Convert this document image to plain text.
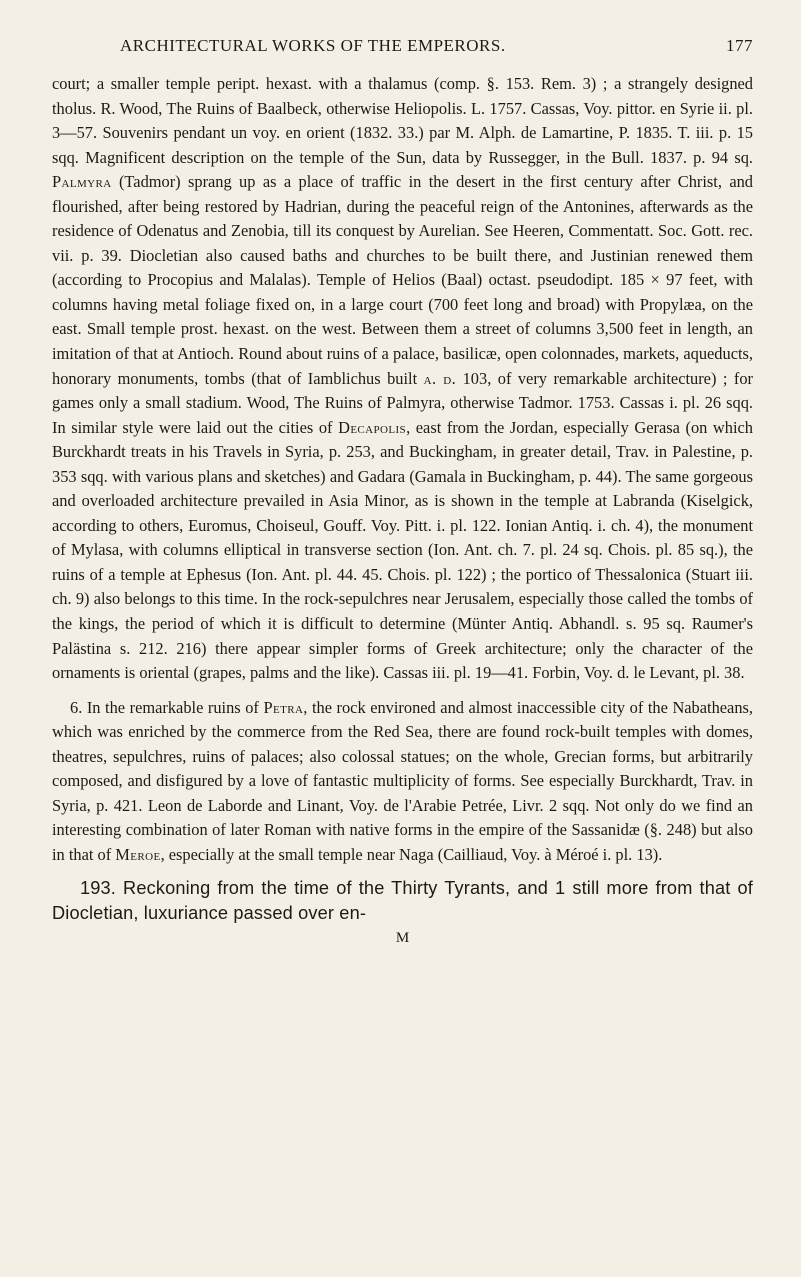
ARCHITECTURAL WORKS OF THE EMPERORS.	177

court; a smaller temple peript. hexast. with a thalamus (comp. §. 153. Rem. 3) ; a strangely designed tholus. R. Wood, The Ruins of Baalbeck, otherwise Heliopolis. L. 1757. Cassas, Voy. pittor. en Syrie ii. pl. 3—57. Souvenirs pendant un voy. en orient (1832. 33.) par M. Alph. de Lamartine, P. 1835. T. iii. p. 15 sqq. Magnificent description on the temple of the Sun, data by Russegger, in the Bull. 1837. p. 94 sq. Palmyra (Tadmor) sprang up as a place of traffic in the desert in the first century after Christ, and flourished, after being restored by Hadrian, during the peaceful reign of the Antonines, afterwards as the residence of Odenatus and Zenobia, till its conquest by Aurelian. See Heeren, Commentatt. Soc. Gott. rec. vii. p. 39. Diocletian also caused baths and churches to be built there, and Justinian renewed them (according to Procopius and Malalas). Temple of Helios (Baal) octast. pseudodipt. 185 × 97 feet, with columns having metal foliage fixed on, in a large court (700 feet long and broad) with Propylæa, on the east. Small temple prost. hexast. on the west. Between them a street of columns 3,500 feet in length, an imitation of that at Antioch. Round about ruins of a palace, basilicæ, open colonnades, markets, aqueducts, honorary monuments, tombs (that of Iamblichus built a. d. 103, of very remarkable architecture) ; for games only a small stadium. Wood, The Ruins of Palmyra, otherwise Tadmor. 1753. Cassas i. pl. 26 sqq. In similar style were laid out the cities of Decapolis, east from the Jordan, especially Gerasa (on which Burckhardt treats in his Travels in Syria, p. 253, and Buckingham, in greater detail, Trav. in Palestine, p. 353 sqq. with various plans and sketches) and Gadara (Gamala in Buckingham, p. 44). The same gorgeous and overloaded architecture prevailed in Asia Minor, as is shown in the temple at Labranda (Kiselgick, according to others, Euromus, Choiseul, Gouff. Voy. Pitt. i. pl. 122. Ionian Antiq. i. ch. 4), the monument of Mylasa, with columns elliptical in transverse section (Ion. Ant. ch. 7. pl. 24 sq. Chois. pl. 85 sq.), the ruins of a temple at Ephesus (Ion. Ant. pl. 44. 45. Chois. pl. 122) ; the portico of Thessalonica (Stuart iii. ch. 9) also belongs to this time. In the rock-sepulchres near Jerusalem, especially those called the tombs of the kings, the period of which it is difficult to determine (Münter Antiq. Abhandl. s. 95 sq. Raumer's Palästina s. 212. 216) there appear simpler forms of Greek architecture; only the character of the ornaments is oriental (grapes, palms and the like). Cassas iii. pl. 19—41. Forbin, Voy. d. le Levant, pl. 38.

6. In the remarkable ruins of Petra, the rock environed and almost inaccessible city of the Nabatheans, which was enriched by the commerce from the Red Sea, there are found rock-built temples with domes, theatres, sepulchres, ruins of palaces; also colossal statues; on the whole, Grecian forms, but arbitrarily composed, and disfigured by a love of fantastic multiplicity of forms. See especially Burckhardt, Trav. in Syria, p. 421. Leon de Laborde and Linant, Voy. de l'Arabie Petrée, Livr. 2 sqq. Not only do we find an interesting combination of later Roman with native forms in the empire of the Sassanidæ (§. 248) but also in that of Meroe, especially at the small temple near Naga (Cailliaud, Voy. à Méroé i. pl. 13).

193. Reckoning from the time of the Thirty Tyrants, and 1 still more from that of Diocletian, luxuriance passed over en-

M
